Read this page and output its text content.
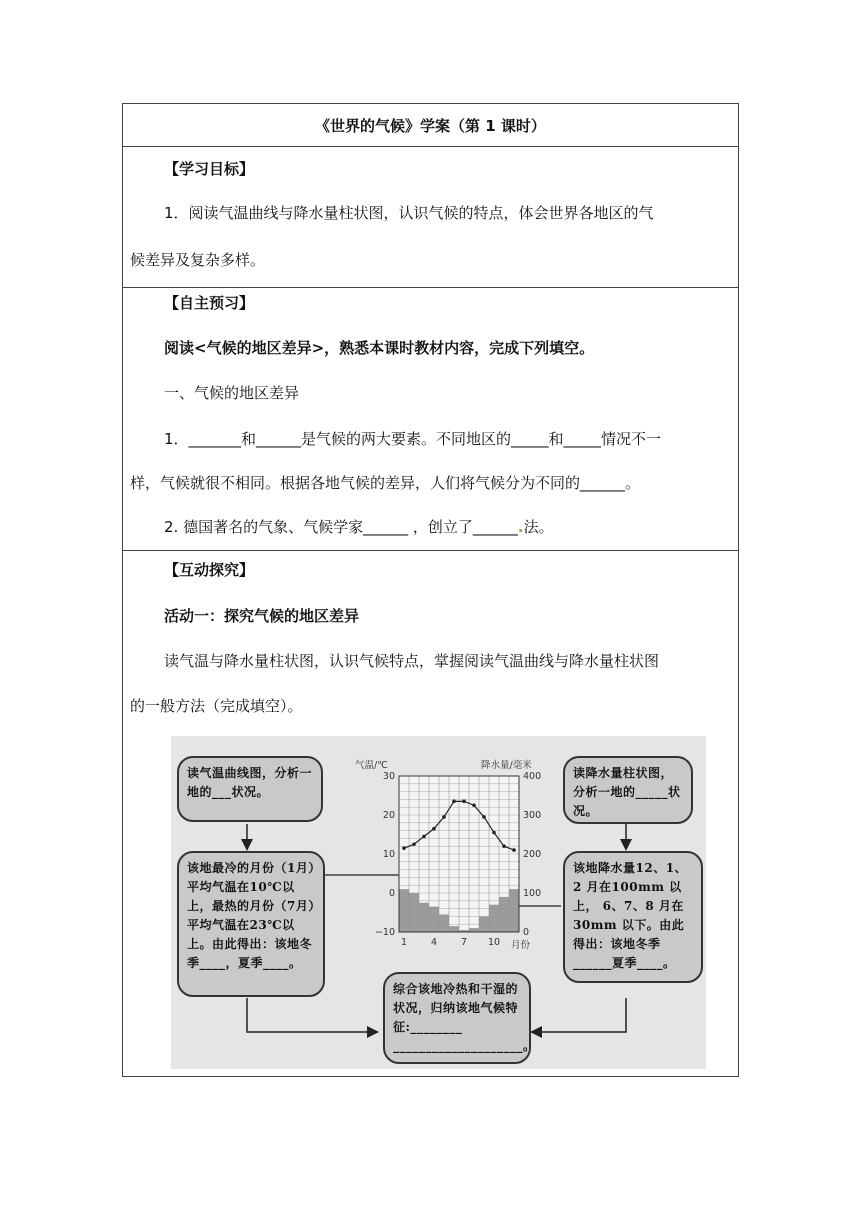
《世界的气候》学案（第 1 课时）
【学习目标】
1．阅读气温曲线与降水量柱状图，认识气候的特点，体会世界各地区的气
候差异及复杂多样。
【自主预习】
阅读<气候的地区差异>，熟悉本课时教材内容，完成下列填空。
一、气候的地区差异
1．_______和______是气候的两大要素。不同地区的_____和_____情况不一
样，气候就很不相同。根据各地气候的差异，人们将气候分为不同的______。
2. 德国著名的气象、气候学家______ ，创立了______.法。
【互动探究】
活动一：探究气候的地区差异
读气温与降水量柱状图，认识气候特点，掌握阅读气温曲线与降水量柱状图
的一般方法（完成填空）。
30
20
10
0
−10
400
300
200
100
0
1	4	7 10
气温/℃	降水量/毫米
月份
读气温曲线图，分析一地的___状况。
该地最冷的月份（1月）平均气温在10℃以上，最热的月份（7月）平均气温在23℃以上。由此得出：该地冬季____，夏季____。
读降水量柱状图，分析一地的_____状况。
该地降水量12、1、2 月在100mm 以上， 6、7、8 月在30mm 以下。由此得出：该地冬季______夏季____。
综合该地冷热和干湿的状况，归纳该地气候特征:________ ____________________。
